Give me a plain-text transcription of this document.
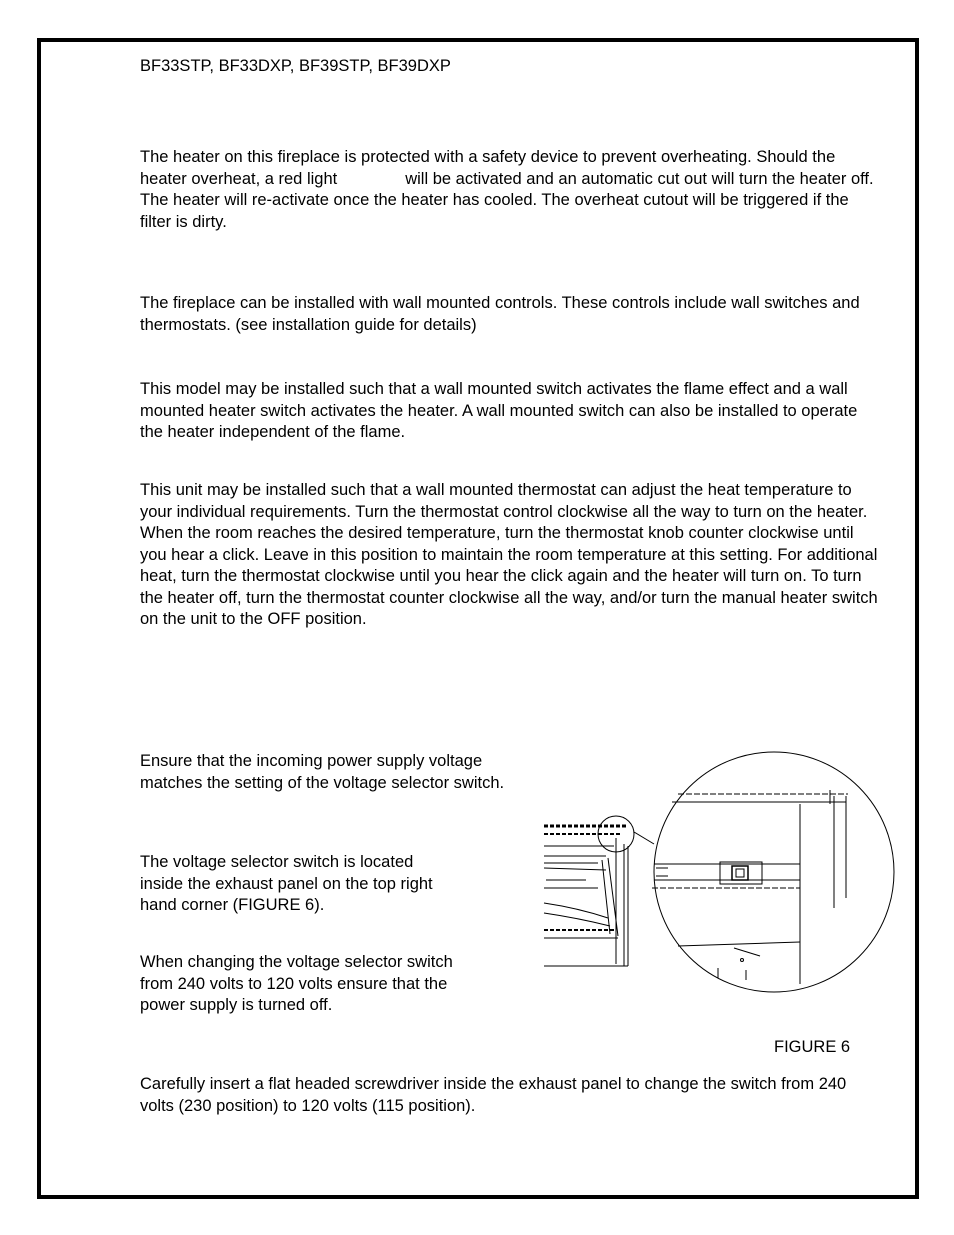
BF33STP, BF33DXP, BF39STP, BF39DXP

The heater on this fireplace is protected with a safety device to prevent overheating. Should the heater overheat, a red light	will be activated and an automatic cut out will turn the heater off. The heater will re-activate once the heater has cooled. The overheat cutout will be triggered if the filter is dirty.

The fireplace can be installed with wall mounted controls. These controls include wall switches and thermostats. (see installation guide for details)

This model may be installed such that a wall mounted switch activates the flame effect and a wall mounted heater switch activates the heater. A wall mounted switch can also be installed to operate the heater independent of the flame.

This unit may be installed such that a wall mounted thermostat can adjust the heat temperature to your individual requirements. Turn the thermostat control clockwise all the way to turn on the heater. When the room reaches the desired temperature, turn the thermostat knob counter clockwise until you hear a click. Leave in this position to maintain the room temperature at this setting. For additional heat, turn the thermostat clockwise until you hear the click again and the heater will turn on. To turn the heater off, turn the thermostat counter clockwise all the way, and/or turn the manual heater switch on the unit to the OFF position.

Ensure that the incoming power supply voltage matches the setting of the voltage selector switch.

The voltage selector switch is located inside the exhaust panel on the top right hand corner (FIGURE 6).

When changing the voltage selector switch from 240 volts to 120 volts ensure that the power supply is turned off.

FIGURE 6

Carefully insert a flat headed screwdriver inside the exhaust panel to change the switch from 240 volts (230 position) to 120 volts (115 position).
